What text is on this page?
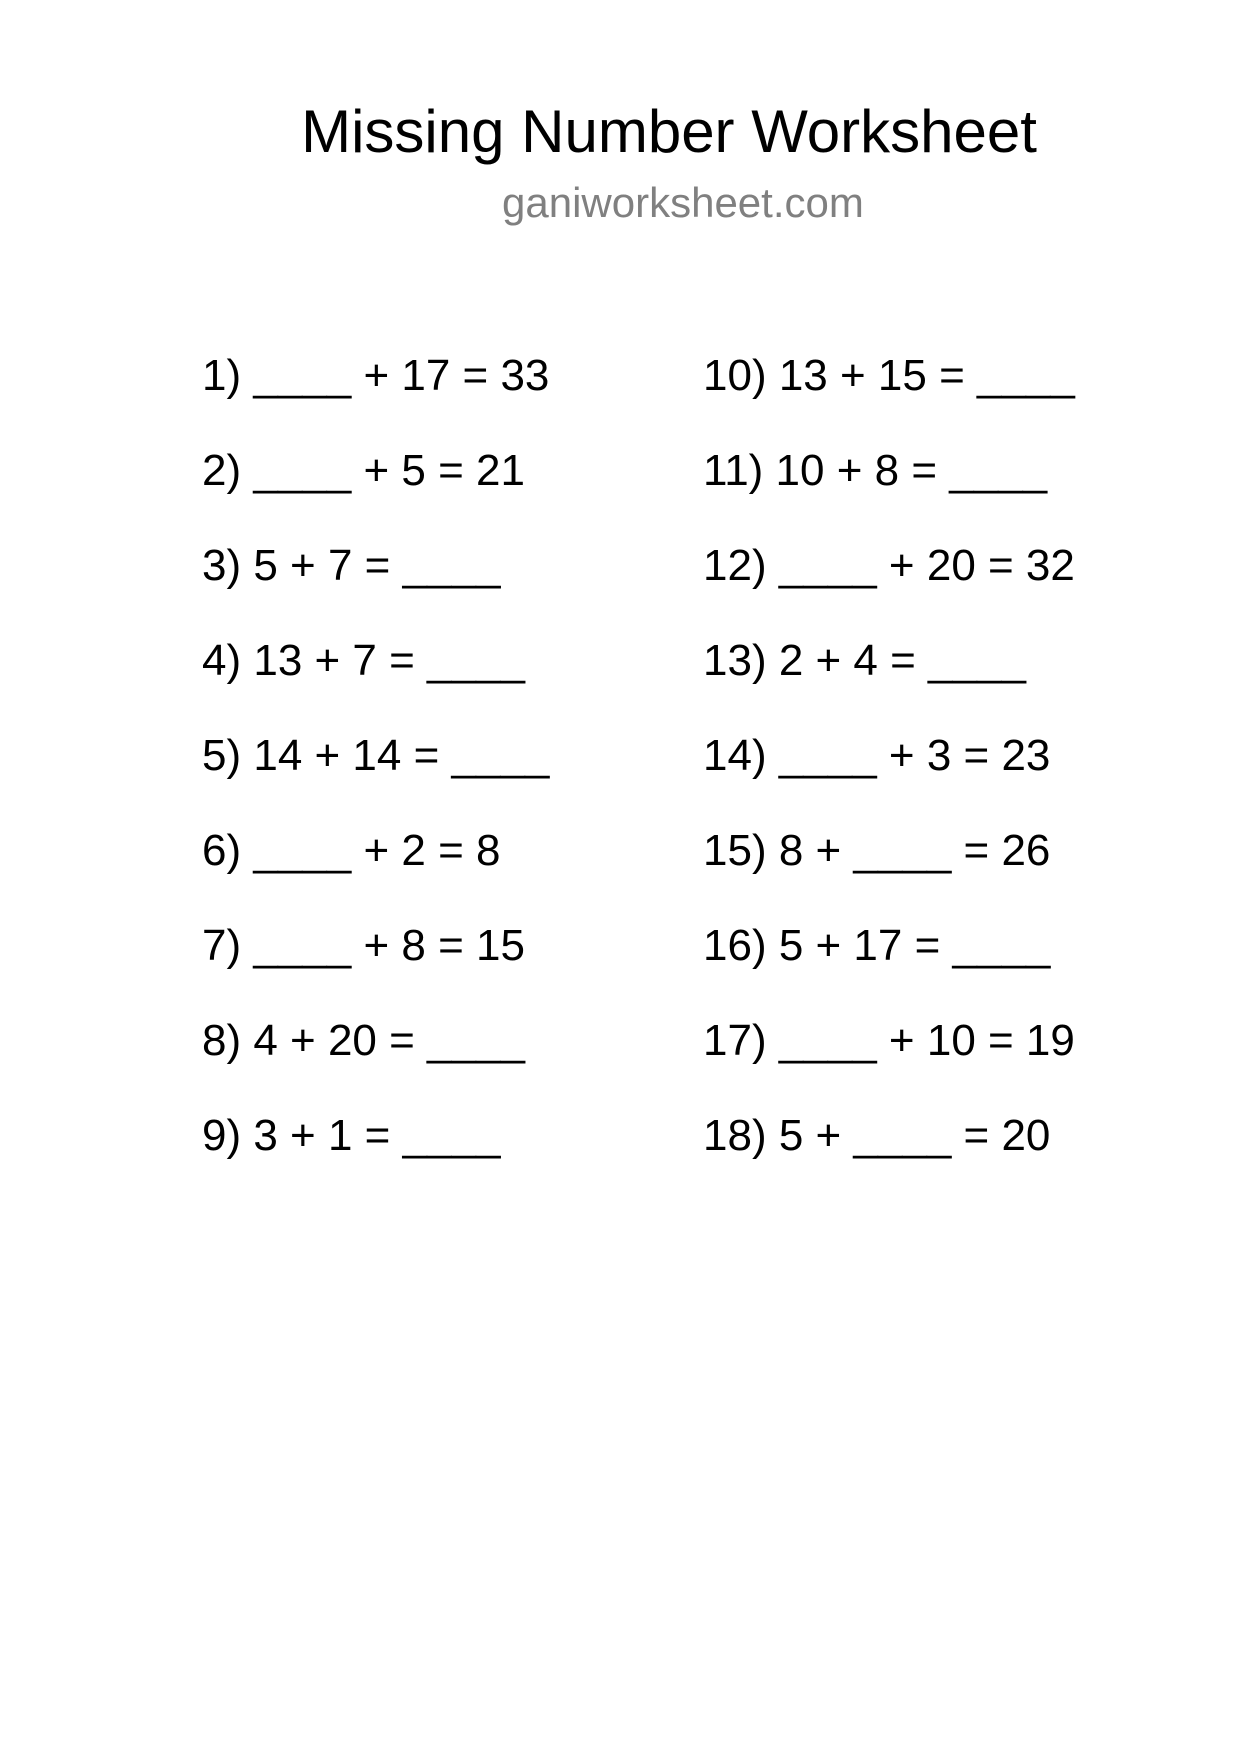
Missing Number Worksheet
ganiworksheet.com
1) ____ + 17 = 33
2) ____ + 5 = 21
3) 5 + 7 = ____
4) 13 + 7 = ____
5) 14 + 14 = ____
6) ____ + 2 = 8
7) ____ + 8 = 15
8) 4 + 20 = ____
9) 3 + 1 = ____
10) 13 + 15 = ____
11) 10 + 8 = ____
12) ____ + 20 = 32
13) 2 + 4 = ____
14) ____ + 3 = 23
15) 8 + ____ = 26
16) 5 + 17 = ____
17) ____ + 10 = 19
18) 5 + ____ = 20
